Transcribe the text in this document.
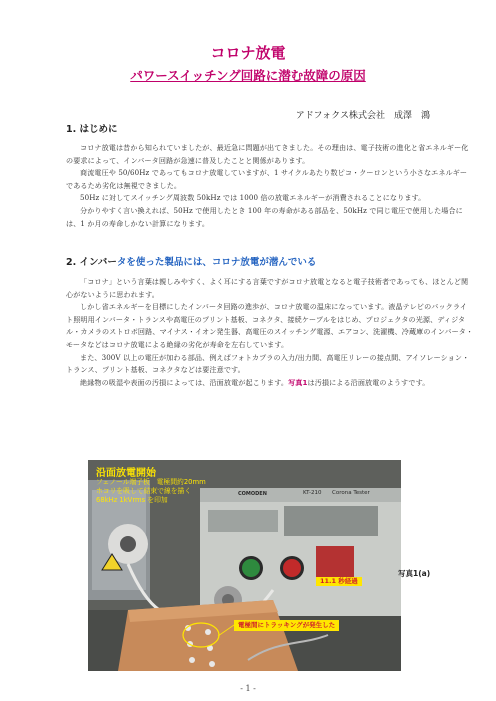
コロナ放電
パワースイッチング回路に潜む故障の原因
アドフォクス株式会社　成澤　鴻
1. はじめに

コロナ放電は昔から知られていましたが、最近急に問題が出てきました。その理由は、電子技術の進化と省エネルギー化の要求によって、インバータ回路が急速に普及したことと関係があります。

商流電圧や 50/60Hz であってもコロナ放電していますが、1 サイクルあたり数ピコ・クーロンという小さなエネルギーであるため劣化は無視できました。

50Hz に対してスイッチング周波数 50kHz では 1000 倍の放電エネルギーが消費されることになります。

分かりやすく言い換えれば、50Hz で使用したとき 100 年の寿命がある部品を、50kHz で同じ電圧で使用した場合には、1 か月の寿命しかない計算になります。

2. インバータを使った製品には、コロナ放電が潜んでいる

「コロナ」という言葉は親しみやすく、よく耳にする言葉ですがコロナ放電となると電子技術者であっても、ほとんど関心がないように思われます。

しかし省エネルギーを目標にしたインバータ回路の進歩が、コロナ放電の温床になっています。液晶テレビのバックライト照明用インバータ・トランスや高電圧のプリント基板、コネクタ、接続ケーブルをはじめ、プロジェクタの光源、ディジタル・カメラのストロボ回路、マイナス・イオン発生器、高電圧のスイッチング電源、エアコン、洗濯機、冷蔵庫のインバータ・モータなどはコロナ放電による絶縁の劣化が寿命を左右しています。

また、300V 以上の電圧が加わる部品、例えばフォトカプラの入力/出力間、高電圧リレーの接点間、アイソレーション・トランス、プリント基板、コネクタなどは要注意です。

絶縁物の吸湿や表面の汚損によっては、沿面放電が起こります。写真1は汚損による沿面放電のようすです。

沿面放電開始
フェノール端子板　電極間約20mm
ホコリを吸して結束で線を描く
68kHz 1kVrms を印加
COMODEN	KT-210 Corona Tester
11.1 秒経過
電極間にトラッキングが発生した
写真1(a)
- 1 -
